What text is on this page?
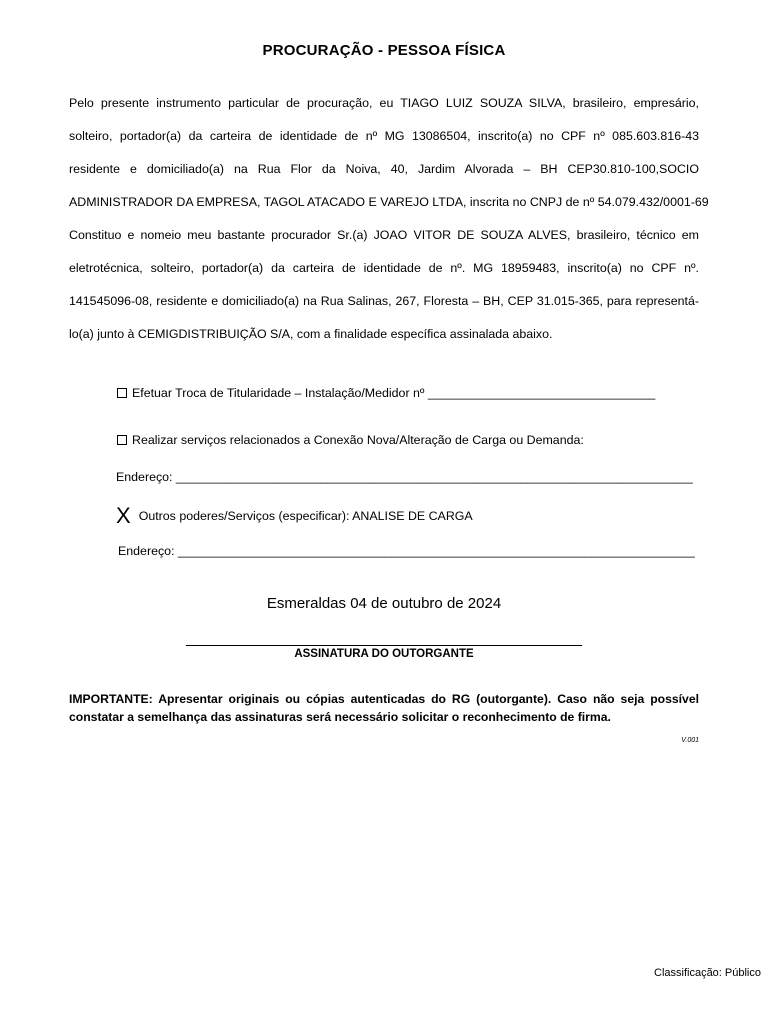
PROCURAÇÃO - PESSOA FÍSICA
Pelo presente instrumento particular de procuração, eu TIAGO LUIZ SOUZA SILVA, brasileiro, empresário,
solteiro, portador(a) da carteira de identidade de nº MG 13086504, inscrito(a) no CPF nº 085.603.816-43
residente e domiciliado(a) na Rua Flor da Noiva, 40, Jardim Alvorada – BH CEP30.810-100,SOCIO
ADMINISTRADOR DA EMPRESA, TAGOL ATACADO E VAREJO LTDA, inscrita no CNPJ de nº 54.079.432/0001-69
Constituo e nomeio meu bastante procurador Sr.(a) JOAO VITOR DE SOUZA ALVES, brasileiro, técnico em
eletrotécnica, solteiro, portador(a) da carteira de identidade de nº. MG 18959483, inscrito(a) no CPF nº.
141545096-08, residente e domiciliado(a) na Rua Salinas, 267, Floresta – BH, CEP 31.015-365, para representá-
lo(a) junto à CEMIGDISTRIBUIÇÃO S/A, com a finalidade específica assinalada abaixo.
Efetuar Troca de Titularidade – Instalação/Medidor nº _________________________________
Realizar serviços relacionados a Conexão Nova/Alteração de Carga ou Demanda:
Endereço: ___________________________________________________________________________
X Outros poderes/Serviços (especificar): ANALISE DE CARGA
Endereço: ___________________________________________________________________________
Esmeraldas 04 de outubro de 2024
ASSINATURA DO OUTORGANTE
IMPORTANTE: Apresentar originais ou cópias autenticadas do RG (outorgante). Caso não seja possível
constatar a semelhança das assinaturas será necessário solicitar o reconhecimento de firma.
V.001
Classificação: Público
